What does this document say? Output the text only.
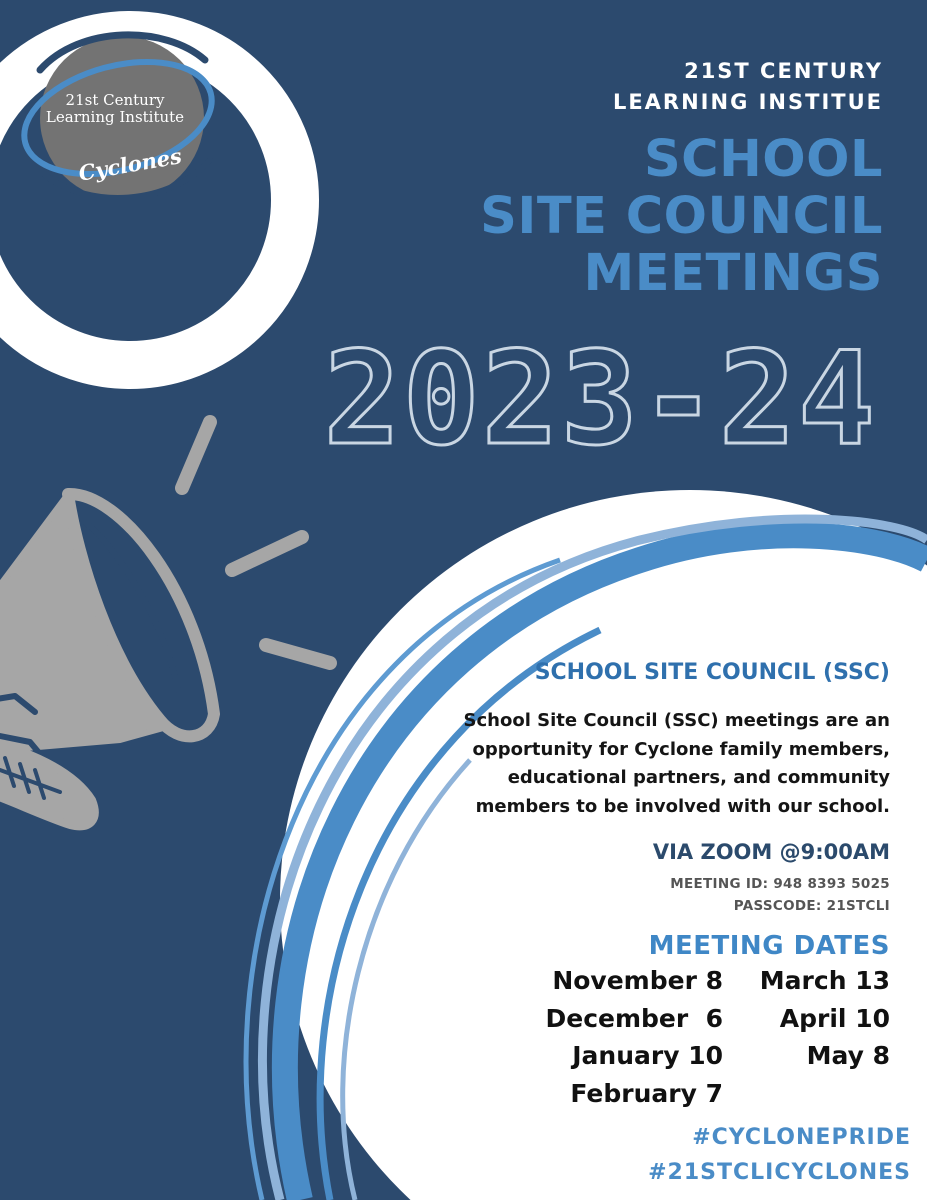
21st Century
Learning Institute
Cyclones
21ST CENTURY
LEARNING INSTITUE
SCHOOL
SITE COUNCIL
MEETINGS
2023-24
SCHOOL SITE COUNCIL (SSC)
School Site Council (SSC) meetings are an
opportunity for Cyclone family members,
educational partners, and community
members to be involved with our school.
VIA ZOOM @9:00AM
MEETING ID: 948 8393 5025
PASSCODE: 21STCLI
MEETING DATES
November 8
December  6
January 10
February 7
March 13
April 10
May 8
#CYCLONEPRIDE
#21STCLICYCLONES
